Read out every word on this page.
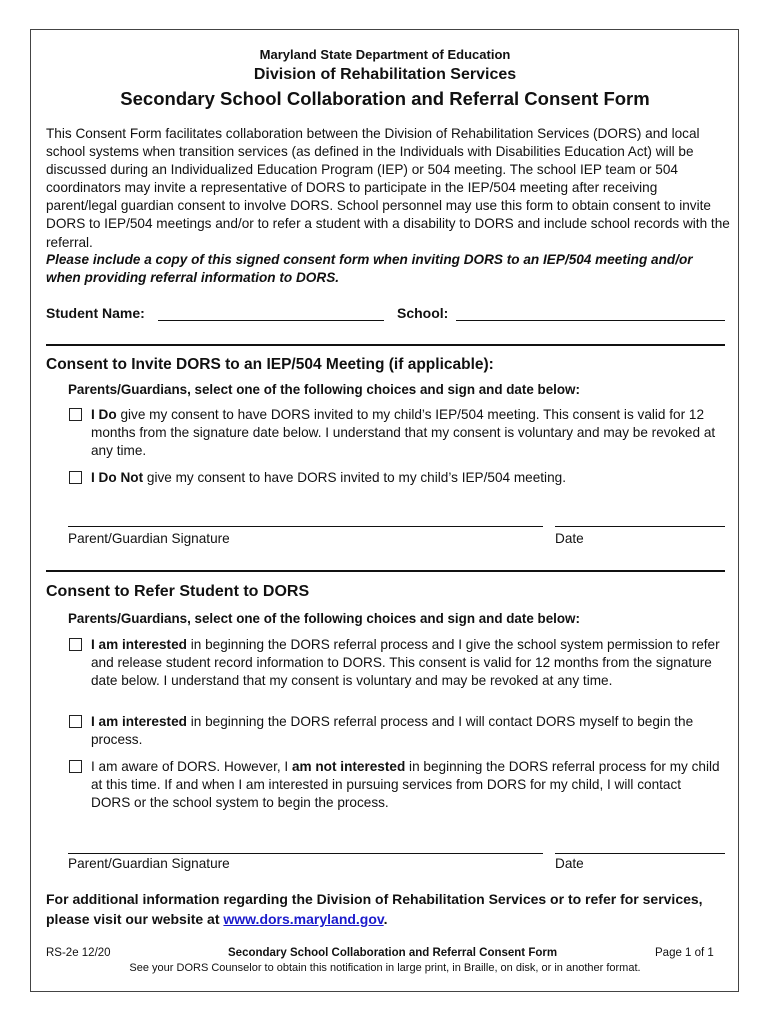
Maryland State Department of Education
Division of Rehabilitation Services
Secondary School Collaboration and Referral Consent Form
This Consent Form facilitates collaboration between the Division of Rehabilitation Services (DORS) and local school systems when transition services (as defined in the Individuals with Disabilities Education Act) will be discussed during an Individualized Education Program (IEP) or 504 meeting. The school IEP team or 504 coordinators may invite a representative of DORS to participate in the IEP/504 meeting after receiving parent/legal guardian consent to involve DORS. School personnel may use this form to obtain consent to invite DORS to IEP/504 meetings and/or to refer a student with a disability to DORS and include school records with the referral.
Please include a copy of this signed consent form when inviting DORS to an IEP/504 meeting and/or when providing referral information to DORS.
Student Name:	School:
Consent to Invite DORS to an IEP/504 Meeting (if applicable):
Parents/Guardians, select one of the following choices and sign and date below:
I Do give my consent to have DORS invited to my child’s IEP/504 meeting. This consent is valid for 12 months from the signature date below. I understand that my consent is voluntary and may be revoked at any time.
I Do Not give my consent to have DORS invited to my child’s IEP/504 meeting.
Parent/Guardian Signature	Date
Consent to Refer Student to DORS
Parents/Guardians, select one of the following choices and sign and date below:
I am interested in beginning the DORS referral process and I give the school system permission to refer and release student record information to DORS. This consent is valid for 12 months from the signature date below. I understand that my consent is voluntary and may be revoked at any time.
I am interested in beginning the DORS referral process and I will contact DORS myself to begin the process.
I am aware of DORS. However, I am not interested in beginning the DORS referral process for my child at this time. If and when I am interested in pursuing services from DORS for my child, I will contact DORS or the school system to begin the process.
Parent/Guardian Signature	Date
For additional information regarding the Division of Rehabilitation Services or to refer for services, please visit our website at www.dors.maryland.gov.
RS-2e 12/20	Secondary School Collaboration and Referral Consent Form	Page 1 of 1
See your DORS Counselor to obtain this notification in large print, in Braille, on disk, or in another format.
